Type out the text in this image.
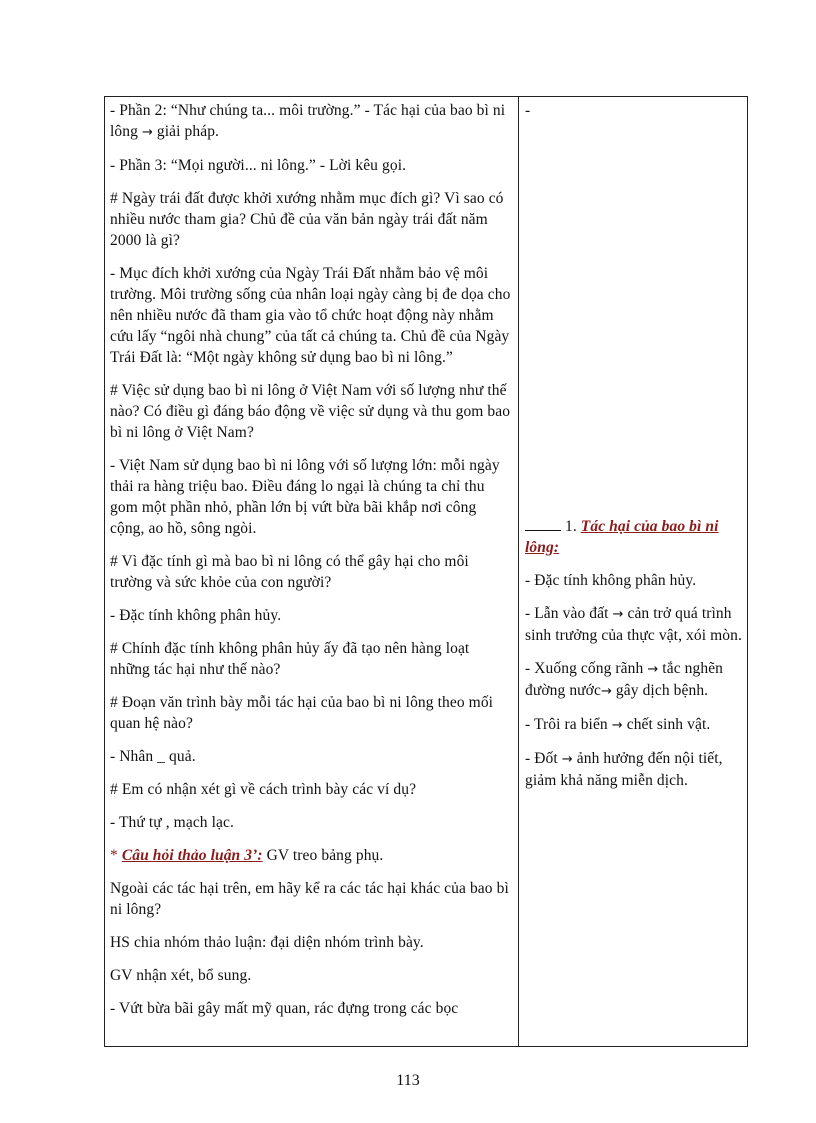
- Phần 2: “Như chúng ta... môi trường.” - Tác hại của bao bì ni lông → giải pháp.

- Phần 3: “Mọi người... ni lông.” - Lời kêu gọi.

# Ngày trái đất được khởi xướng nhằm mục đích gì? Vì sao có nhiều nước tham gia? Chủ đề của văn bản ngày trái đất năm 2000 là gì?

- Mục đích khởi xướng của Ngày Trái Đất nhằm bảo vệ môi trường. Môi trường sống của nhân loại ngày càng bị đe dọa cho nên nhiều nước đã tham gia vào tổ chức hoạt động này nhằm cứu lấy “ngôi nhà chung” của tất cả chúng ta. Chủ đề của Ngày Trái Đất là: “Một ngày không sử dụng bao bì ni lông.”

# Việc sử dụng bao bì ni lông ở Việt Nam với số lượng như thế nào? Có điều gì đáng báo động về việc sử dụng và thu gom bao bì ni lông ở Việt Nam?

- Việt Nam sử dụng bao bì ni lông với số lượng lớn: mỗi ngày thải ra hàng triệu bao. Điều đáng lo ngại là chúng ta chỉ thu gom một phần nhỏ, phần lớn bị vứt bừa bãi khắp nơi công cộng, ao hồ, sông ngòi.

# Vì đặc tính gì mà bao bì ni lông có thể gây hại cho môi trường và sức khỏe của con người?

- Đặc tính không phân hủy.

# Chính đặc tính không phân hủy ấy đã tạo nên hàng loạt những tác hại như thế nào?

# Đoạn văn trình bày mỗi tác hại của bao bì ni lông theo mối quan hệ nào?

- Nhân _ quả.

# Em có nhận xét gì về cách trình bày các ví dụ?

- Thứ tự , mạch lạc.

* Câu hỏi thảo luận 3’: GV treo bảng phụ.

Ngoài các tác hại trên, em hãy kể ra các tác hại khác của bao bì ni lông?

HS chia nhóm thảo luận: đại diện nhóm trình bày.

GV nhận xét, bổ sung.

- Vứt bừa bãi gây mất mỹ quan, rác đựng trong các bọc

-

1. Tác hại của bao bì ni lông:

- Đặc tính không phân hủy.

- Lẫn vào đất → cản trở quá trình sinh trưởng của thực vật, xói mòn.

- Xuống cống rãnh → tắc nghẽn đường nước→ gây dịch bệnh.

- Trôi ra biển → chết sinh vật.

- Đốt → ảnh hưởng đến nội tiết, giảm khả năng miễn dịch.

113
